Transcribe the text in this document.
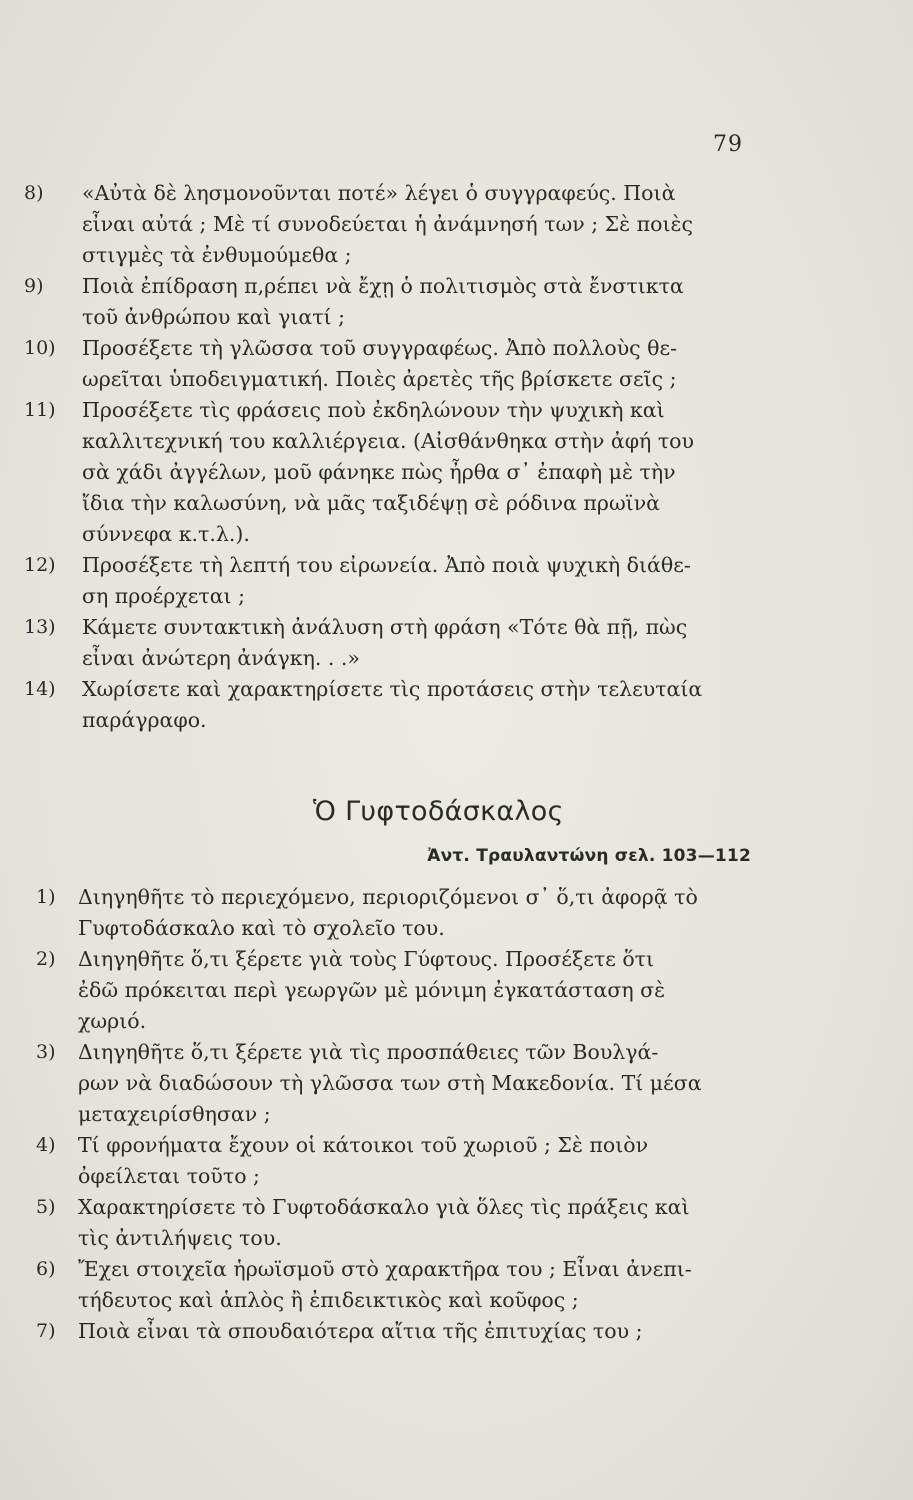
79
8) «Αὐτὰ δὲ λησμονοῦνται ποτέ» λέγει ὁ συγγραφεύς. Ποιὰ
εἶναι αὐτά ; Μὲ τί συνοδεύεται ἡ ἀνάμνησή των ; Σὲ ποιὲς
στιγμὲς τὰ ἐνθυμούμεθα ;
9) Ποιὰ ἐπίδραση π,ρέπει νὰ ἔχῃ ὁ πολιτισμὸς στὰ ἔνστικτα
τοῦ ἀνθρώπου καὶ γιατί ;
10) Προσέξετε τὴ γλῶσσα τοῦ συγγραφέως. Ἀπὸ πολλοὺς θε-
ωρεῖται ὑποδειγματική. Ποιὲς ἀρετὲς τῆς βρίσκετε σεῖς ;
11) Προσέξετε τὶς φράσεις ποὺ ἐκδηλώνουν τὴν ψυχικὴ καὶ
καλλιτεχνική του καλλιέργεια. (Αἰσθάνθηκα στὴν ἀφή του
σὰ χάδι ἀγγέλων, μοῦ φάνηκε πὼς ἦρθα σ᾽ ἐπαφὴ μὲ τὴν
ἴδια τὴν καλωσύνη, νὰ μᾶς ταξιδέψῃ σὲ ρόδινα πρωϊνὰ
σύννεφα κ.τ.λ.).
12) Προσέξετε τὴ λεπτή του εἰρωνεία. Ἀπὸ ποιὰ ψυχικὴ διάθε-
ση προέρχεται ;
13) Κάμετε συντακτικὴ ἀνάλυση στὴ φράση «Τότε θὰ πῇ, πὼς
εἶναι ἀνώτερη ἀνάγκη. . .»
14) Χωρίσετε καὶ χαρακτηρίσετε τὶς προτάσεις στὴν τελευταία
παράγραφο.
Ὁ Γυφτοδάσκαλος
Ἀντ. Τραυλαντώνη σελ. 103—112
1) Διηγηθῆτε τὸ περιεχόμενο, περιοριζόμενοι σ᾽ ὅ,τι ἀφορᾷ τὸ
Γυφτοδάσκαλο καὶ τὸ σχολεῖο του.
2) Διηγηθῆτε ὅ,τι ξέρετε γιὰ τοὺς Γύφτους. Προσέξετε ὅτι
ἐδῶ πρόκειται περὶ γεωργῶν μὲ μόνιμη ἐγκατάσταση σὲ
χωριό.
3) Διηγηθῆτε ὅ,τι ξέρετε γιὰ τὶς προσπάθειες τῶν Βουλγά-
ρων νὰ διαδώσουν τὴ γλῶσσα των στὴ Μακεδονία. Τί μέσα
μεταχειρίσθησαν ;
4) Τί φρονήματα ἔχουν οἱ κάτοικοι τοῦ χωριοῦ ; Σὲ ποιὸν
ὀφείλεται τοῦτο ;
5) Χαρακτηρίσετε τὸ Γυφτοδάσκαλο γιὰ ὅλες τὶς πράξεις καὶ
τὶς ἀντιλήψεις του.
6) Ἔχει στοιχεῖα ἡρωϊσμοῦ στὸ χαρακτῆρα του ; Εἶναι ἀνεπι-
τήδευτος καὶ ἁπλὸς ἢ ἐπιδεικτικὸς καὶ κοῦφος ;
7) Ποιὰ εἶναι τὰ σπουδαιότερα αἴτια τῆς ἐπιτυχίας του ;
